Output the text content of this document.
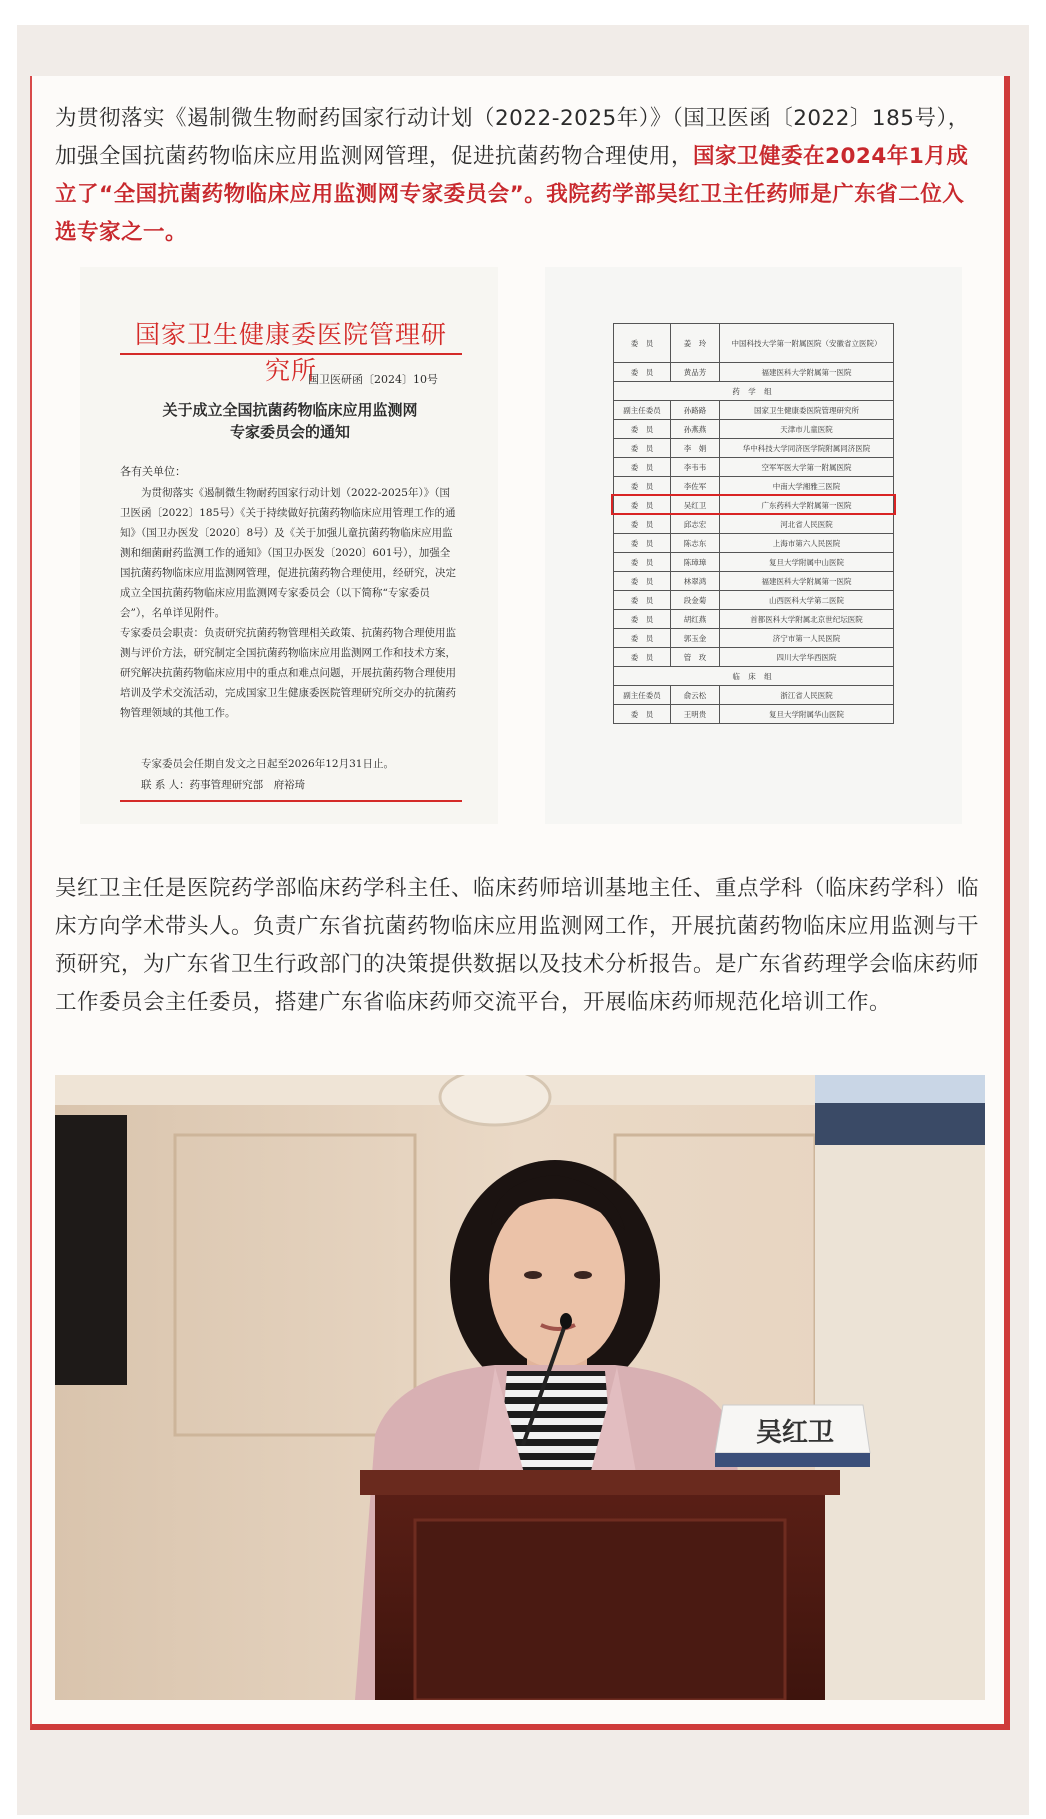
为贯彻落实《遏制微生物耐药国家行动计划（2022-2025年）》（国卫医函〔2022〕185号），加强全国抗菌药物临床应用监测网管理，促进抗菌药物合理使用，国家卫健委在2024年1月成立了“全国抗菌药物临床应用监测网专家委员会”。我院药学部吴红卫主任药师是广东省二位入选专家之一。

国家卫生健康委医院管理研究所
国卫医研函〔2024〕10号
关于成立全国抗菌药物临床应用监测网
专家委员会的通知
各有关单位：

为贯彻落实《遏制微生物耐药国家行动计划（2022-2025年）》（国卫医函〔2022〕185号）《关于持续做好抗菌药物临床应用管理工作的通知》（国卫办医发〔2020〕8号）及《关于加强儿童抗菌药物临床应用监测和细菌耐药监测工作的通知》（国卫办医发〔2020〕601号），加强全国抗菌药物临床应用监测网管理，促进抗菌药物合理使用，经研究，决定成立全国抗菌药物临床应用监测网专家委员会（以下简称“专家委员会”），名单详见附件。
专家委员会职责：负责研究抗菌药物管理相关政策、抗菌药物合理使用监测与评价方法，研究制定全国抗菌药物临床应用监测网工作和技术方案，研究解决抗菌药物临床应用中的重点和难点问题，开展抗菌药物合理使用培训及学术交流活动，完成国家卫生健康委医院管理研究所交办的抗菌药物管理领域的其他工作。

专家委员会任期自发文之日起至2026年12月31日止。
联 系 人：药事管理研究部　府裕琦
委　员	姜　玲	中国科技大学第一附属医院（安徽省立医院）
委　员	黄品芳	福建医科大学附属第一医院
药 学 组		
副主任委员	孙路路	国家卫生健康委医院管理研究所
委　员	孙燕燕	天津市儿童医院
委　员	李　娟	华中科技大学同济医学院附属同济医院
委　员	李韦韦	空军军医大学第一附属医院
委　员	李佐军	中南大学湘雅三医院
委　员	吴红卫	广东药科大学附属第一医院
委　员	邱志宏	河北省人民医院
委　员	陈志东	上海市第六人民医院
委　员	陈璋璋	复旦大学附属中山医院
委　员	林翠鸿	福建医科大学附属第一医院
委　员	段金菊	山西医科大学第二医院
委　员	胡红燕	首都医科大学附属北京世纪坛医院
委　员	郭玉金	济宁市第一人民医院
委　员	管　玫	四川大学华西医院
临 床 组		
副主任委员	俞云松	浙江省人民医院
委　员	王明贵	复旦大学附属华山医院

吴红卫主任是医院药学部临床药学科主任、临床药师培训基地主任、重点学科（临床药学科）临床方向学术带头人。负责广东省抗菌药物临床应用监测网工作，开展抗菌药物临床应用监测与干预研究，为广东省卫生行政部门的决策提供数据以及技术分析报告。是广东省药理学会临床药师工作委员会主任委员，搭建广东省临床药师交流平台，开展临床药师规范化培训工作。

吴红卫
